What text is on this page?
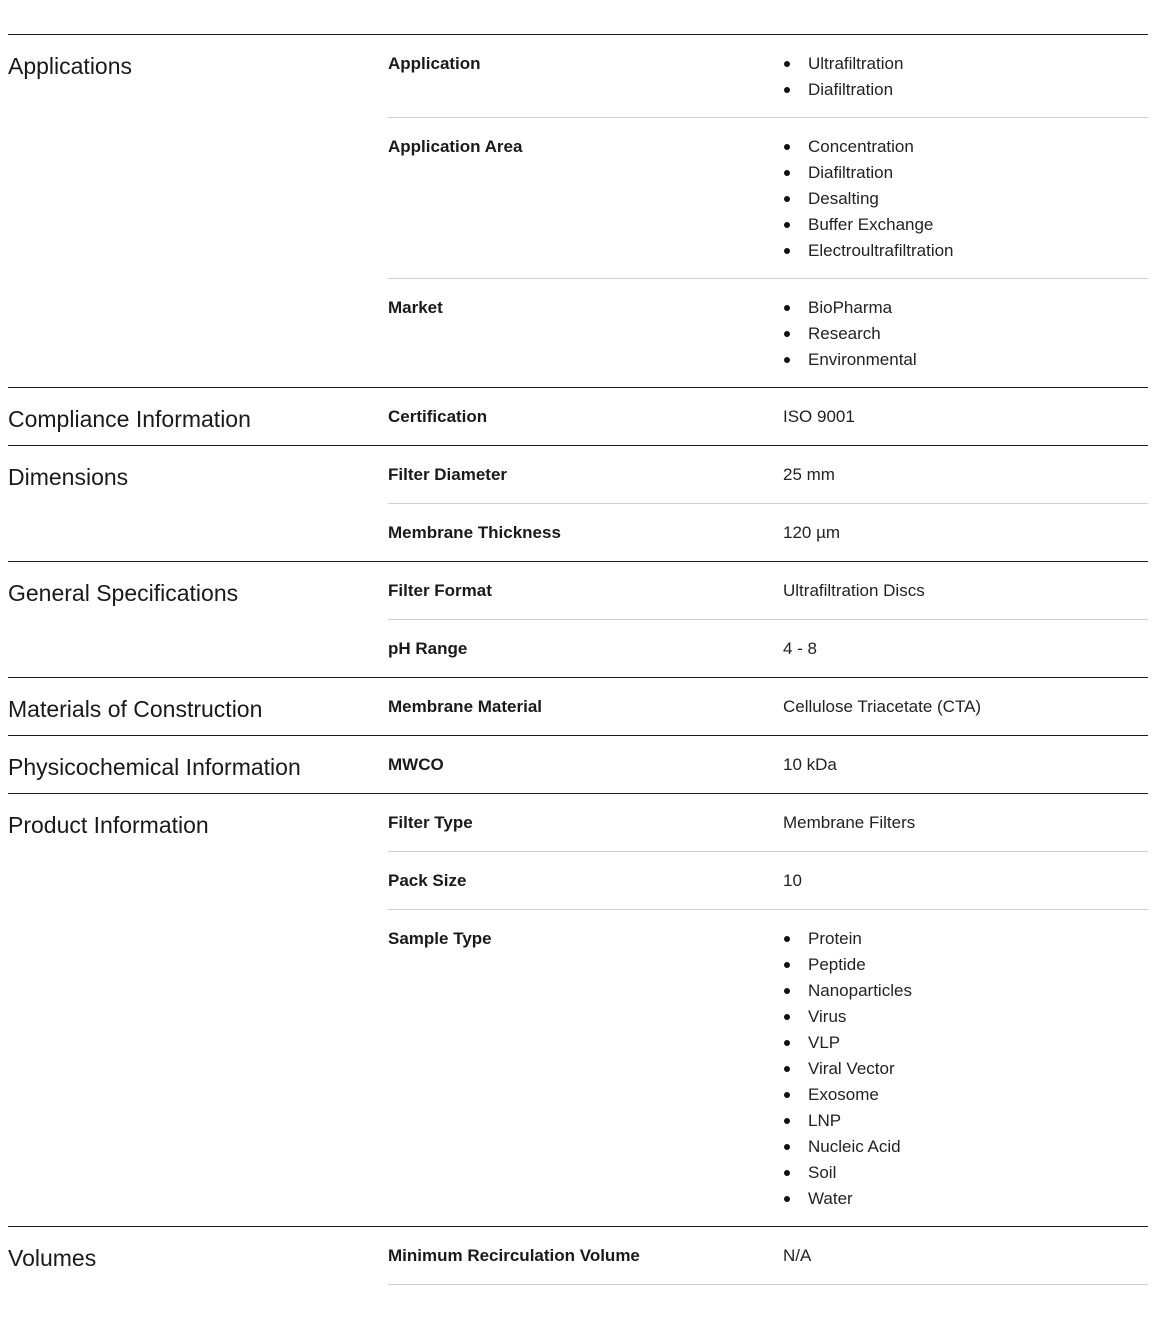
Applications	Application	Ultrafiltration
Diafiltration
Application Area	Concentration
Diafiltration
Desalting
Buffer Exchange
Electroultrafiltration
Market	BioPharma
Research
Environmental
Compliance Information	Certification	ISO 9001
Dimensions	Filter Diameter	25 mm
Membrane Thickness	120 µm
General Specifications	Filter Format	Ultrafiltration Discs
pH Range	4 - 8
Materials of Construction	Membrane Material	Cellulose Triacetate (CTA)
Physicochemical Information	MWCO	10 kDa
Product Information	Filter Type	Membrane Filters
Pack Size	10
Sample Type	Protein
Peptide
Nanoparticles
Virus
VLP
Viral Vector
Exosome
LNP
Nucleic Acid
Soil
Water
Volumes	Minimum Recirculation Volume	N/A
